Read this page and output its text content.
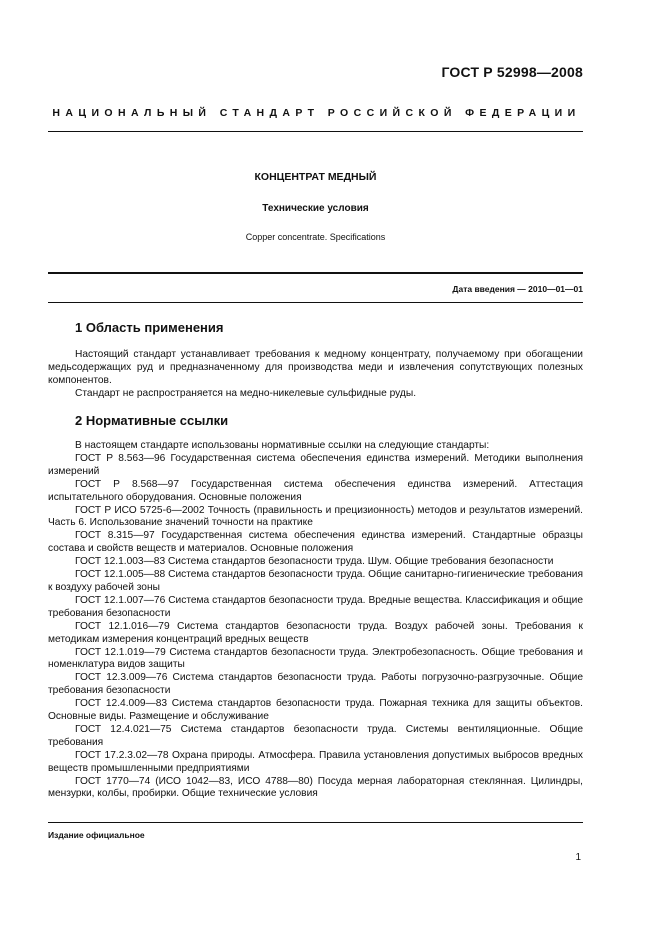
ГОСТ Р 52998—2008
НАЦИОНАЛЬНЫЙ СТАНДАРТ РОССИЙСКОЙ ФЕДЕРАЦИИ
КОНЦЕНТРАТ МЕДНЫЙ
Технические условия
Copper concentrate. Specifications
Дата введения — 2010—01—01
1 Область применения

Настоящий стандарт устанавливает требования к медному концентрату, получаемому при обогащении медьсодержащих руд и предназначенному для производства меди и извлечения сопутствующих полезных компонентов.

Стандарт не распространяется на медно-никелевые сульфидные руды.

2 Нормативные ссылки

В настоящем стандарте использованы нормативные ссылки на следующие стандарты:

ГОСТ Р 8.563—96 Государственная система обеспечения единства измерений. Методики выполнения измерений

ГОСТ Р 8.568—97 Государственная система обеспечения единства измерений. Аттестация испытательного оборудования. Основные положения

ГОСТ Р ИСО 5725-6—2002 Точность (правильность и прецизионность) методов и результатов измерений. Часть 6. Использование значений точности на практике

ГОСТ 8.315—97 Государственная система обеспечения единства измерений. Стандартные образцы состава и свойств веществ и материалов. Основные положения

ГОСТ 12.1.003—83 Система стандартов безопасности труда. Шум. Общие требования безопасности

ГОСТ 12.1.005—88 Система стандартов безопасности труда. Общие санитарно-гигиенические требования к воздуху рабочей зоны

ГОСТ 12.1.007—76 Система стандартов безопасности труда. Вредные вещества. Классификация и общие требования безопасности

ГОСТ 12.1.016—79 Система стандартов безопасности труда. Воздух рабочей зоны. Требования к методикам измерения концентраций вредных веществ

ГОСТ 12.1.019—79 Система стандартов безопасности труда. Электробезопасность. Общие требования и номенклатура видов защиты

ГОСТ 12.3.009—76 Система стандартов безопасности труда. Работы погрузочно-разгрузочные. Общие требования безопасности

ГОСТ 12.4.009—83 Система стандартов безопасности труда. Пожарная техника для защиты объектов. Основные виды. Размещение и обслуживание

ГОСТ 12.4.021—75 Система стандартов безопасности труда. Системы вентиляционные. Общие требования

ГОСТ 17.2.3.02—78 Охрана природы. Атмосфера. Правила установления допустимых выбросов вредных веществ промышленными предприятиями

ГОСТ 1770—74 (ИСО 1042—83, ИСО 4788—80) Посуда мерная лабораторная стеклянная. Цилиндры, мензурки, колбы, пробирки. Общие технические условия

Издание официальное
1
